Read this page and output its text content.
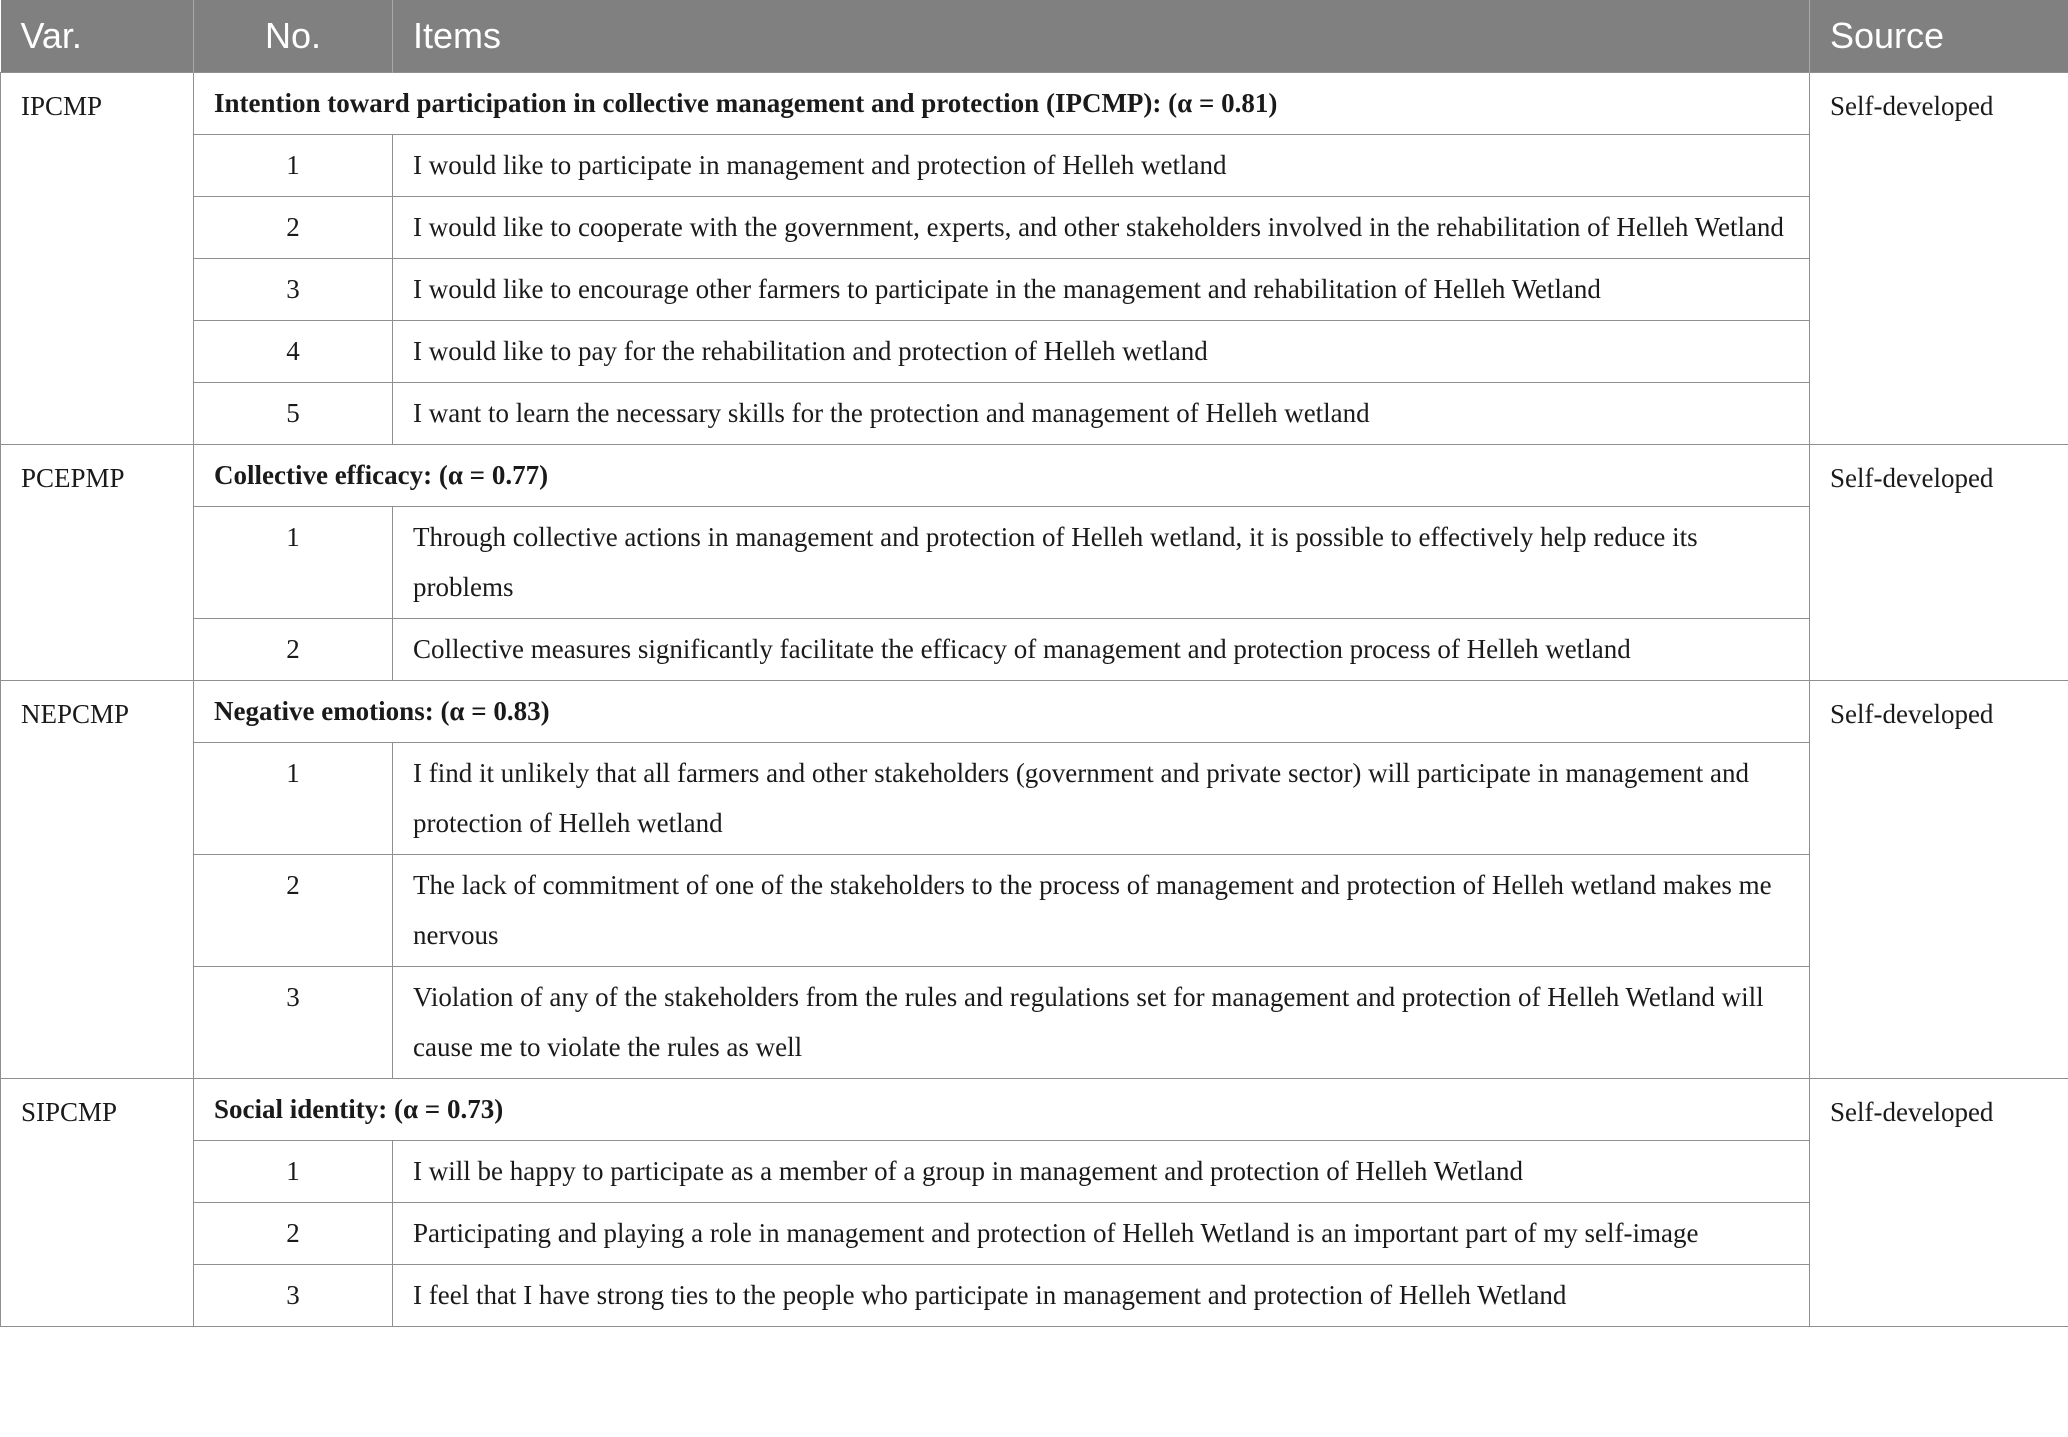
Var.	No.	Items	Source
IPCMP	Intention toward participation in collective management and protection (IPCMP): (α = 0.81)		Self-developed
	1	I would like to participate in management and protection of Helleh wetland	
	2	I would like to cooperate with the government, experts, and other stakeholders involved in the rehabilitation of Helleh Wetland	
	3	I would like to encourage other farmers to participate in the management and rehabilitation of Helleh Wetland	
	4	I would like to pay for the rehabilitation and protection of Helleh wetland	
	5	I want to learn the necessary skills for the protection and management of Helleh wetland	
PCEPMP	Collective efficacy: (α = 0.77)		Self-developed
	1	Through collective actions in management and protection of Helleh wetland, it is possible to effectively help reduce its problems	
	2	Collective measures significantly facilitate the efficacy of management and protection process of Helleh wetland	
NEPCMP	Negative emotions: (α = 0.83)		Self-developed
	1	I find it unlikely that all farmers and other stakeholders (government and private sector) will participate in management and protection of Helleh wetland	
	2	The lack of commitment of one of the stakeholders to the process of management and protection of Helleh wetland makes me nervous	
	3	Violation of any of the stakeholders from the rules and regulations set for management and protection of Helleh Wetland will cause me to violate the rules as well	
SIPCMP	Social identity: (α = 0.73)		Self-developed
	1	I will be happy to participate as a member of a group in management and protection of Helleh Wetland	
	2	Participating and playing a role in management and protection of Helleh Wetland is an important part of my self-image	
	3	I feel that I have strong ties to the people who participate in management and protection of Helleh Wetland	
